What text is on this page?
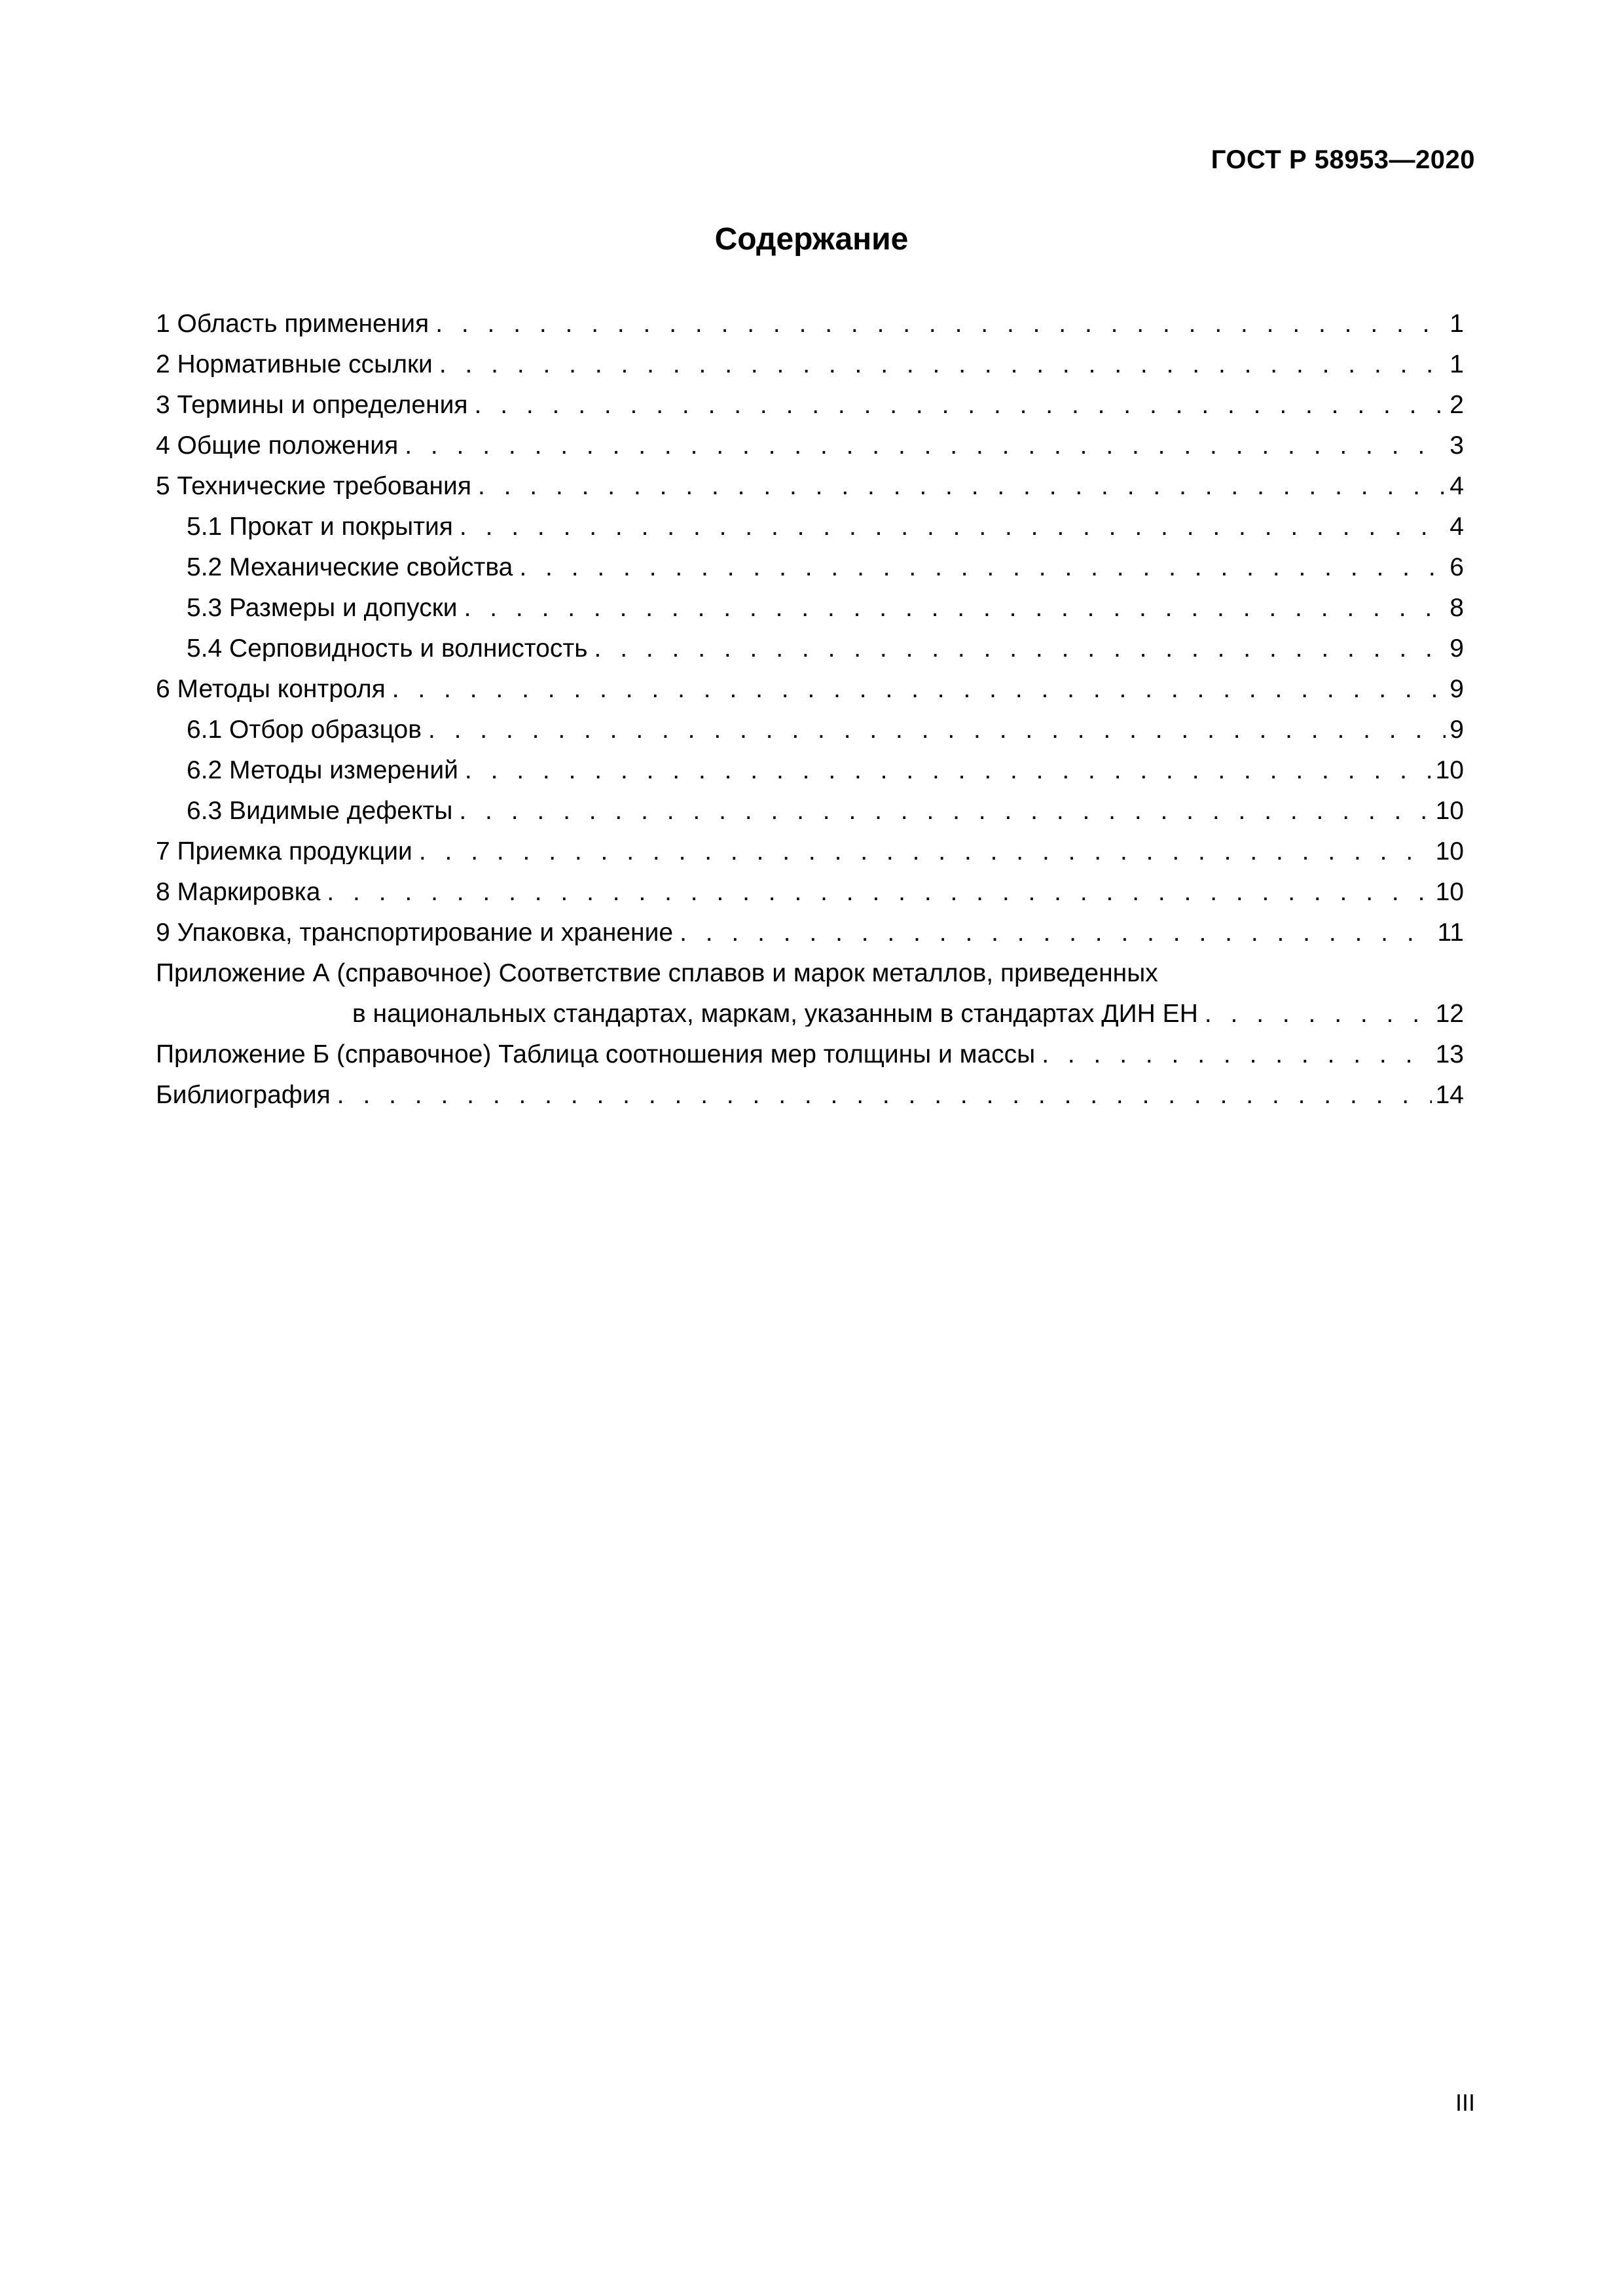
ГОСТ Р 58953—2020
Содержание
1 Область применения . . .	1
2 Нормативные ссылки . . .	1
3 Термины и определения . . .	2
4 Общие положения . . .	3
5 Технические требования . . .	4
5.1 Прокат и покрытия . . .	4
5.2 Механические свойства . . .	6
5.3 Размеры и допуски . . .	8
5.4 Серповидность и волнистость . . .	9
6 Методы контроля . . .	9
6.1 Отбор образцов . . .	9
6.2 Методы измерений . . .	10
6.3 Видимые дефекты . . .	10
7 Приемка продукции . . .	10
8 Маркировка . . .	10
9 Упаковка, транспортирование и хранение . . .	11
Приложение А (справочное) Соответствие сплавов и марок металлов, приведенных
в национальных стандартах, маркам, указанным в стандартах ДИН ЕН . . .	12
Приложение Б (справочное) Таблица соотношения мер толщины и массы . . .	13
Библиография . . .	14
III
